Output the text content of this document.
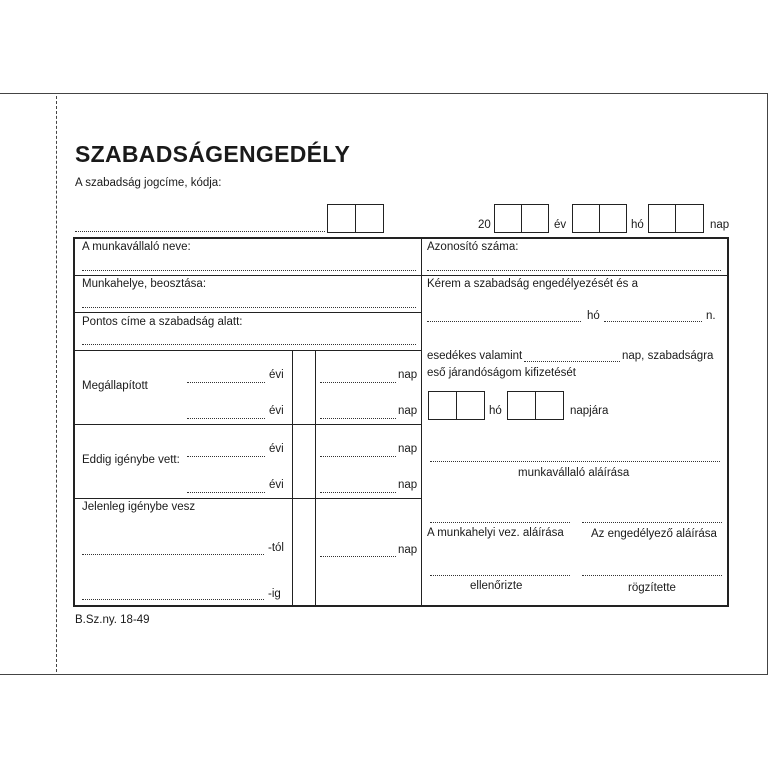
SZABADSÁGENGEDÉLY
A szabadság jogcíme, kódja:
20	év	hó	nap
A munkavállaló neve:
Munkahelye, beosztása:
Pontos címe a szabadság alatt:
Megállapított
évi	nap
évi	nap
Eddig igénybe vett:
évi	nap
évi	nap
Jelenleg igénybe vesz
-tól	nap
-ig
Azonosító száma:
Kérem a szabadság engedélyezését és a
hó	n.
esedékes valamint	nap, szabadságra
eső járandóságom kifizetését
hó	napjára
munkavállaló aláírása
A munkahelyi vez. aláírása Az engedélyező aláírása
ellenőrizte	rögzítette
B.Sz.ny. 18-49
